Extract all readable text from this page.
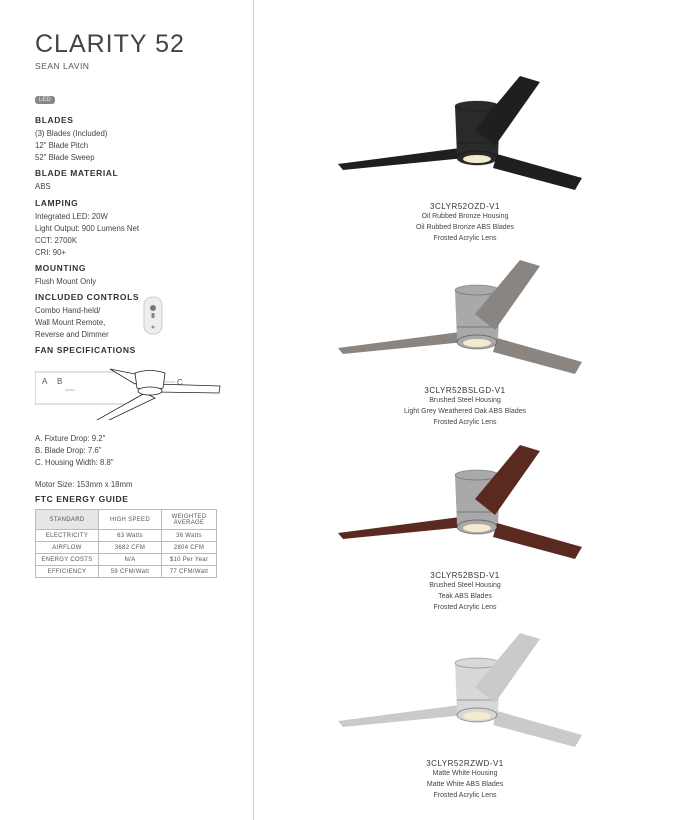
CLARITY 52
SEAN LAVIN
LED
BLADES
(3) Blades (Included)
12" Blade Pitch
52" Blade Sweep
BLADE MATERIAL
ABS
LAMPING
Integrated LED: 20W
Light Output: 900 Lumens Net
CCT: 2700K
CRI: 90+
MOUNTING
Flush Mount Only
INCLUDED CONTROLS
Combo Hand-held/
Wall Mount Remote,
Reverse and Dimmer
FAN SPECIFICATIONS
A B	C
A. Fixture Drop: 9.2"
B. Blade Drop: 7.6"
C. Housing Width: 8.8"
Motor Size: 153mm x 18mm
FTC ENERGY GUIDE
STANDARD	HIGH SPEED	WEIGHTED AVERAGE
ELECTRICITY	63 Watts	36 Watts
AIRFLOW	3682 CFM	2804 CFM
ENERGY COSTS	N/A	$10 Per Year
EFFICIENCY	59 CFM/Watt	77 CFM/Watt
3CLYR52OZD-V1
Oil Rubbed Bronze Housing
Oil Rubbed Bronze ABS Blades
Frosted Acrylic Lens
3CLYR52BSLGD-V1
Brushed Steel Housing
Light Grey Weathered Oak ABS Blades
Frosted Acrylic Lens
3CLYR52BSD-V1
Brushed Steel Housing
Teak ABS Blades
Frosted Acrylic Lens
3CLYR52RZWD-V1
Matte White Housing
Matte White ABS Blades
Frosted Acrylic Lens
